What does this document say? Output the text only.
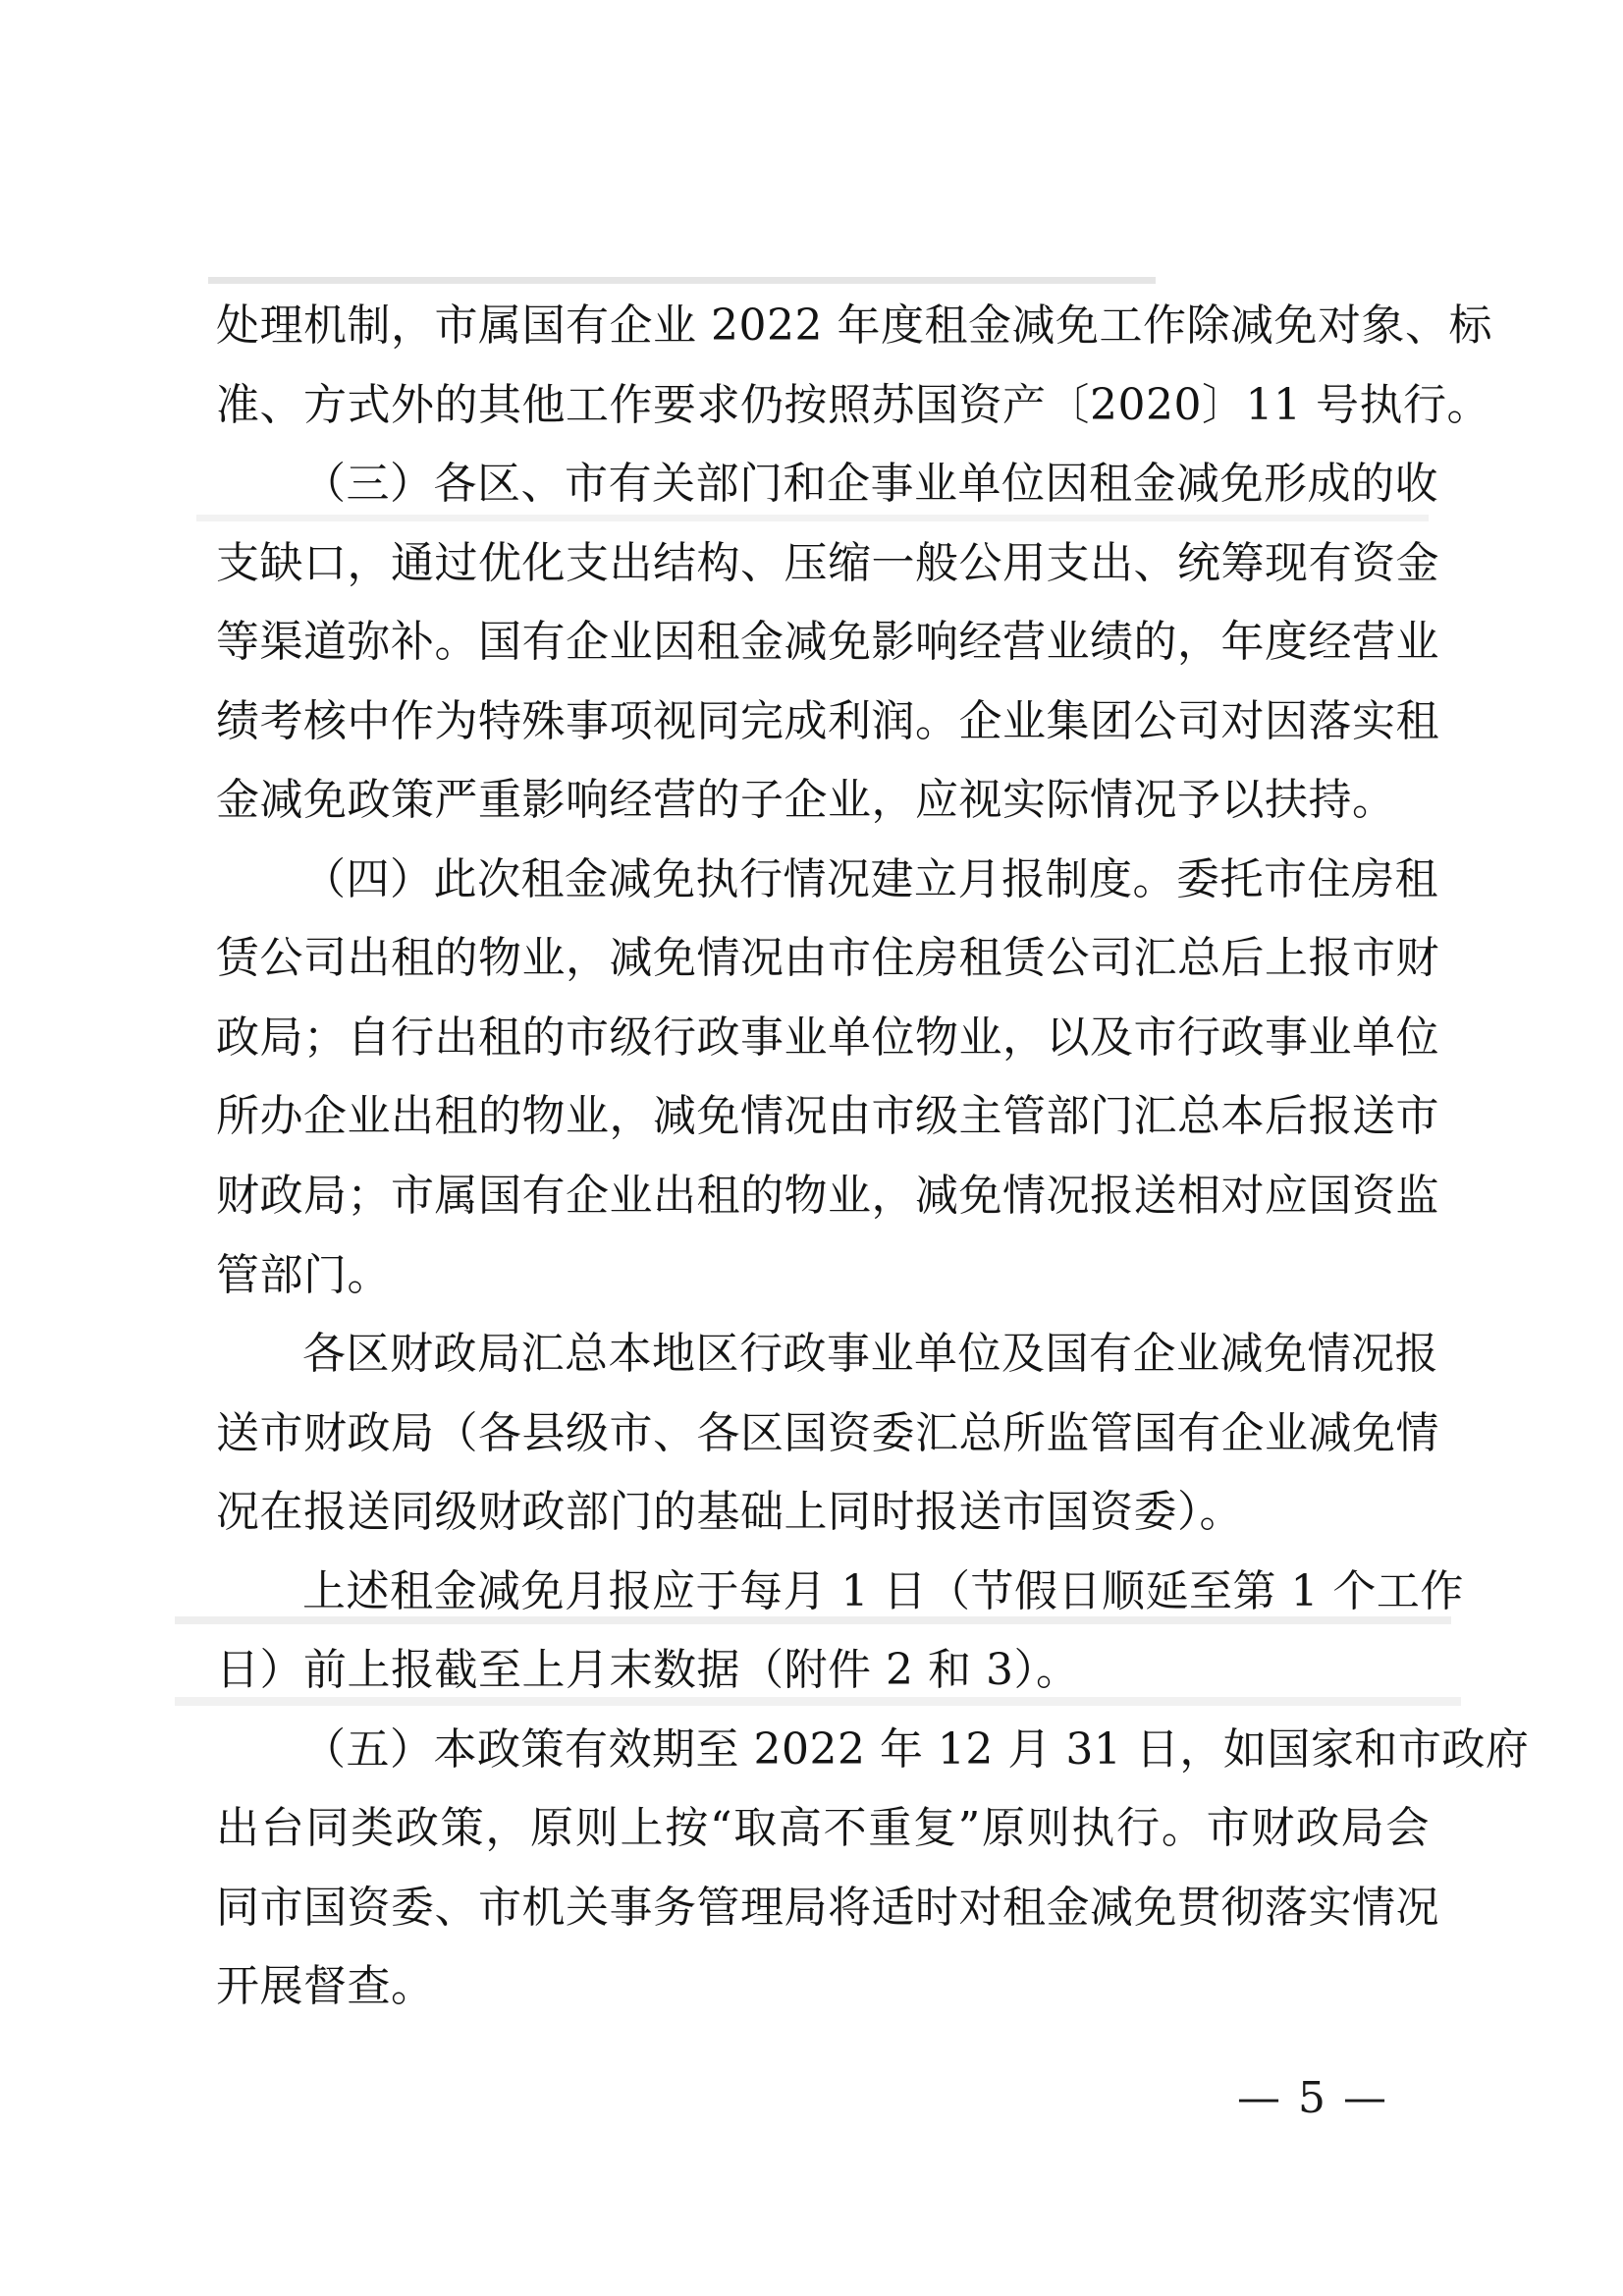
处理机制，市属国有企业 2022 年度租金减免工作除减免对象、标
准、方式外的其他工作要求仍按照苏国资产〔2020〕11 号执行。

（三）各区、市有关部门和企事业单位因租金减免形成的收
支缺口，通过优化支出结构、压缩一般公用支出、统筹现有资金
等渠道弥补。国有企业因租金减免影响经营业绩的，年度经营业
绩考核中作为特殊事项视同完成利润。企业集团公司对因落实租
金减免政策严重影响经营的子企业，应视实际情况予以扶持。

（四）此次租金减免执行情况建立月报制度。委托市住房租
赁公司出租的物业，减免情况由市住房租赁公司汇总后上报市财
政局；自行出租的市级行政事业单位物业，以及市行政事业单位
所办企业出租的物业，减免情况由市级主管部门汇总本后报送市
财政局；市属国有企业出租的物业，减免情况报送相对应国资监
管部门。

各区财政局汇总本地区行政事业单位及国有企业减免情况报
送市财政局（各县级市、各区国资委汇总所监管国有企业减免情
况在报送同级财政部门的基础上同时报送市国资委）。

上述租金减免月报应于每月 1 日（节假日顺延至第 1 个工作
日）前上报截至上月末数据（附件 2 和 3）。

（五）本政策有效期至 2022 年 12 月 31 日，如国家和市政府
出台同类政策，原则上按“取高不重复”原则执行。市财政局会
同市国资委、市机关事务管理局将适时对租金减免贯彻落实情况
开展督查。

— 5 —
